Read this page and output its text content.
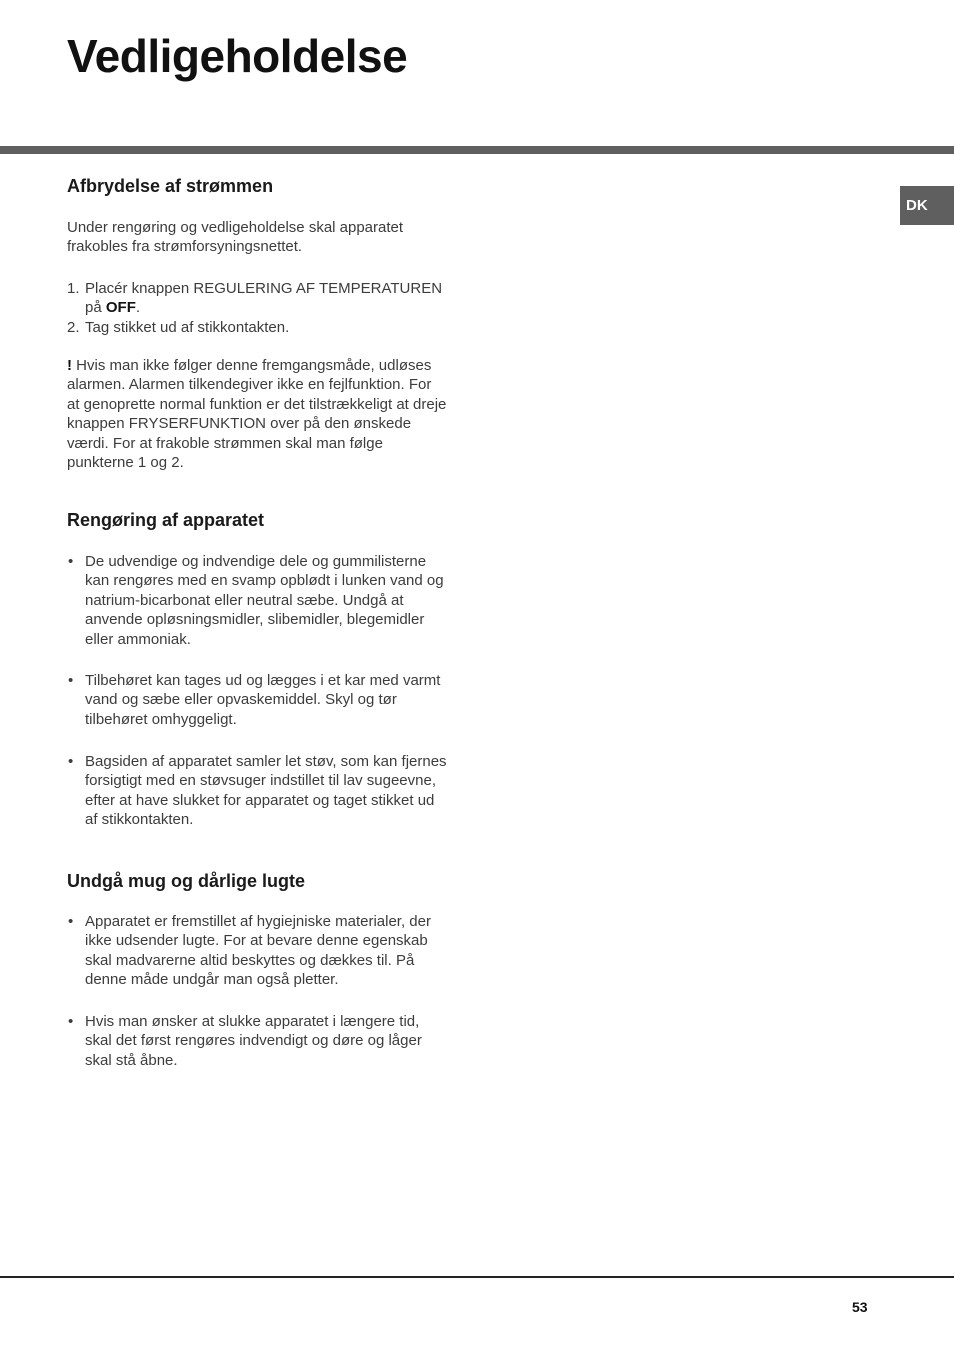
Vedligeholdelse
DK
Afbrydelse af strømmen

Under rengøring og vedligeholdelse skal apparatet frakobles fra strømforsyningsnettet.

1. Placér knappen REGULERING AF TEMPERATUREN på OFF.
2. Tag stikket ud af stikkontakten.

! Hvis man ikke følger denne fremgangsmåde, udløses alarmen. Alarmen tilkendegiver ikke en fejlfunktion. For at genoprette normal funktion er det tilstrækkeligt at dreje knappen FRYSERFUNKTION over på den ønskede værdi. For at frakoble strømmen skal man følge punkterne 1 og 2.

Rengøring af apparatet
• De udvendige og indvendige dele og gummilisterne kan rengøres med en svamp opblødt i lunken vand og natrium-bicarbonat eller neutral sæbe. Undgå at anvende opløsningsmidler, slibemidler, blegemidler eller ammoniak.
• Tilbehøret kan tages ud og lægges i et kar med varmt vand og sæbe eller opvaskemiddel. Skyl og tør tilbehøret omhyggeligt.
• Bagsiden af apparatet samler let støv, som kan fjernes forsigtigt med en støvsuger indstillet til lav sugeevne, efter at have slukket for apparatet og taget stikket ud af stikkontakten.
Undgå mug og dårlige lugte
• Apparatet er fremstillet af hygiejniske materialer, der ikke udsender lugte. For at bevare denne egenskab skal madvarerne altid beskyttes og dækkes til. På denne måde undgår man også pletter.
• Hvis man ønsker at slukke apparatet i længere tid, skal det først rengøres indvendigt og døre og låger skal stå åbne.
53
